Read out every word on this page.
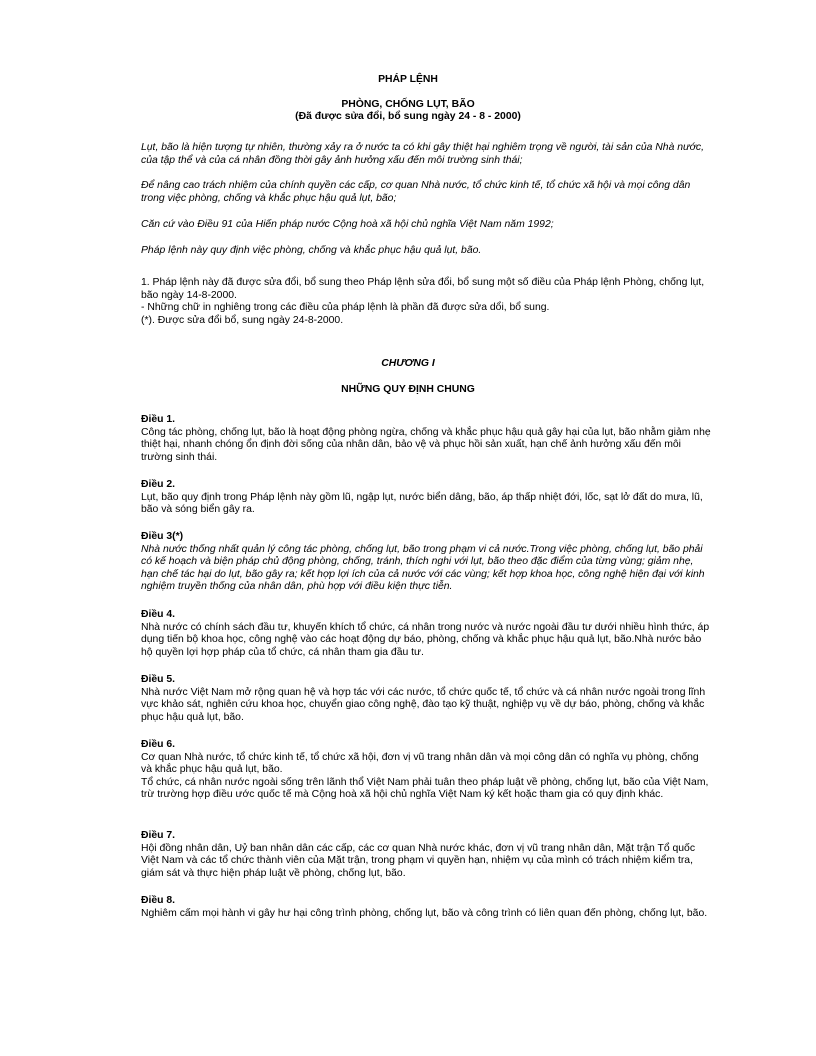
PHÁP LỆNH
PHÒNG, CHỐNG LỤT, BÃO
(Đã được sửa đổi, bổ sung ngày 24 - 8 - 2000)

Lụt, bão là hiện tượng tự nhiên, thường xảy ra ở nước ta có khi gây thiệt hại nghiêm trọng về người, tài sản của Nhà nước, của tập thể và của cá nhân đồng thời gây ảnh hưởng xấu đến môi trường sinh thái;

Để nâng cao trách nhiệm của chính quyền các cấp, cơ quan Nhà nước, tổ chức kinh tế, tổ chức xã hội và mọi công dân trong việc phòng, chống và khắc phục hậu quả lụt, bão;

Căn cứ vào Điều 91 của Hiến pháp nước Cộng hoà xã hội chủ nghĩa Việt Nam năm 1992;

Pháp lệnh này quy định việc phòng, chống và khắc phục hậu quả lụt, bão.

1. Pháp lệnh này đã được sửa đổi, bổ sung theo Pháp lệnh sửa đổi, bổ sung một số điều của Pháp lệnh Phòng, chống lụt, bão ngày 14-8-2000.

- Những chữ in nghiêng trong các điều của pháp lệnh là phần đã được sửa dổi, bổ sung.

(*). Được sửa đổi bổ, sung ngày 24-8-2000.

CHƯƠNG I
NHỮNG QUY ĐỊNH CHUNG

Điều 1.

Công tác phòng, chống lụt, bão là hoạt động phòng ngừa, chống và khắc phục hậu quả gây hại của lụt, bão nhằm giảm nhẹ thiệt hại, nhanh chóng ổn định đời sống của nhân dân, bảo vệ và phục hồi sản xuất, hạn chế ảnh hưởng xấu đến môi trường sinh thái.

Điều 2.

Lụt, bão quy định trong Pháp lệnh này gồm lũ, ngập lụt, nước biển dâng, bão, áp thấp nhiệt đới, lốc, sạt lở đất do mưa, lũ, bão và sóng biển gây ra.

Điều 3(*)

Nhà nước thống nhất quản lý công tác phòng, chống lụt, bão trong phạm vi cả nước.Trong việc phòng, chống lụt, bão phải có kế hoạch và biện pháp chủ động phòng, chống, tránh, thích nghi với lụt, bão theo đặc điểm của từng vùng; giảm nhẹ, hạn chế tác hại do lụt, bão gây ra; kết hợp lợi ích của cả nước với các vùng; kết hợp khoa học, công nghệ hiện đại với kinh nghiệm truyền thống của nhân dân, phù hợp với điều kiện thực tiễn.

Điều 4.

Nhà nước có chính sách đầu tư, khuyến khích tổ chức, cá nhân trong nước và nước ngoài đầu tư dưới nhiều hình thức, áp dụng tiến bộ khoa học, công nghệ vào các hoạt động dự báo, phòng, chống và khắc phục hậu quả lụt, bão.Nhà nước bảo hộ quyền lợi hợp pháp của tổ chức, cá nhân tham gia đầu tư.

Điều 5.

Nhà nước Việt Nam mở rộng quan hệ và hợp tác với các nước, tổ chức quốc tế, tổ chức và cá nhân nước ngoài trong lĩnh vực khảo sát, nghiên cứu khoa học, chuyển giao công nghệ, đào tạo kỹ thuật, nghiệp vụ về dự báo, phòng, chống và khắc phục hậu quả lụt, bão.

Điều 6.

Cơ quan Nhà nước, tổ chức kinh tế, tổ chức xã hội, đơn vị vũ trang nhân dân và mọi công dân có nghĩa vụ phòng, chống và khắc phục hậu quả lụt, bão.

Tổ chức, cá nhân nước ngoài sống trên lãnh thổ Việt Nam phải tuân theo pháp luật về phòng, chống lụt, bão của Việt Nam, trừ trường hợp điều ước quốc tế mà Cộng hoà xã hội chủ nghĩa Việt Nam ký kết hoặc tham gia có quy định khác.

Điều 7.

Hội đồng nhân dân, Uỷ ban nhân dân các cấp, các cơ quan Nhà nước khác, đơn vị vũ trang nhân dân, Mặt trận Tổ quốc Việt Nam và các tổ chức thành viên của Mặt trận, trong phạm vi quyền hạn, nhiệm vụ của mình có trách nhiệm kiểm tra, giám sát và thực hiện pháp luật về phòng, chống lụt, bão.

Điều 8.

Nghiêm cấm mọi hành vi gây hư hại công trình phòng, chống lụt, bão và công trình có liên quan đến phòng, chống lụt, bão.
